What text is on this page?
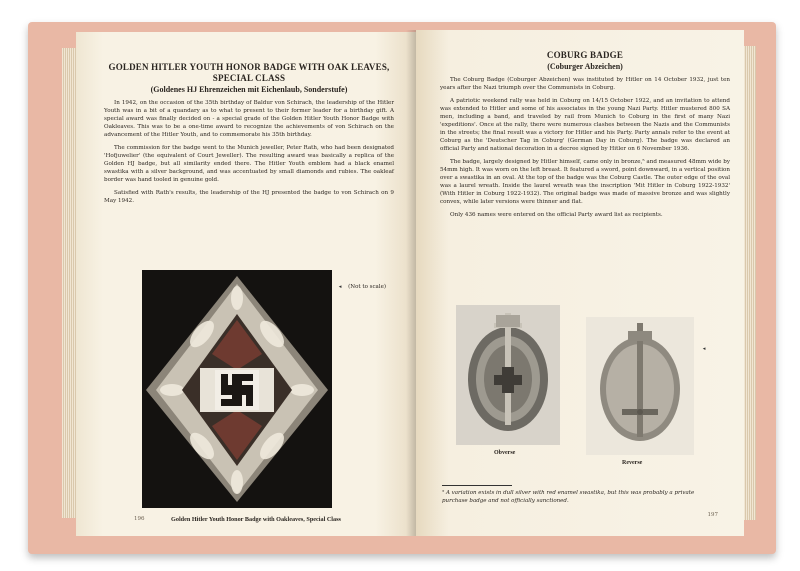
GOLDEN HITLER YOUTH HONOR BADGE WITH OAK LEAVES, SPECIAL CLASS
(Goldenes HJ Ehrenzeichen mit Eichenlaub, Sonderstufe)

In 1942, on the occasion of the 35th birthday of Baldur von Schirach, the leadership of the Hitler Youth was in a bit of a quandary as to what to present to their former leader for a birthday gift. A special award was finally decided on - a special grade of the Golden Hitler Youth Honor Badge with Oakleaves. This was to be a one-time award to recognize the achievements of von Schirach on the advancement of the Hitler Youth, and to commemorate his 35th birthday.

The commission for the badge went to the Munich jeweller, Peter Rath, who had been designated 'Hofjuwelier' (the equivalent of Court Jeweller). The resulting award was basically a replica of the Golden HJ badge, but all similarity ended there. The Hitler Youth emblem had a black enamel swastika with a silver background, and was accentuated by small diamonds and rubies. The oakleaf border was hand tooled in genuine gold.

Satisfied with Rath's results, the leadership of the HJ presented the badge to von Schirach on 9 May 1942.

▲ (Not to scale)
Golden Hitler Youth Honor Badge with Oakleaves, Special Class
196
COBURG BADGE
(Coburger Abzeichen)

The Coburg Badge (Coburger Abzeichen) was instituted by Hitler on 14 October 1932, just ten years after the Nazi triumph over the Communists in Coburg.

A patriotic weekend rally was held in Coburg on 14/15 October 1922, and an invitation to attend was extended to Hitler and some of his associates in the young Nazi Party. Hitler mustered 800 SA men, including a band, and traveled by rail from Munich to Coburg in the first of many Nazi 'expeditions'. Once at the rally, there were numerous clashes between the Nazis and the Communists in the streets; the final result was a victory for Hitler and his Party. Party annals refer to the event at Coburg as the 'Deutscher Tag in Coburg' (German Day in Coburg). The badge was declared an official Party and national decoration in a decree signed by Hitler on 6 November 1936.

The badge, largely designed by Hitler himself, came only in bronze,⁵ and measured 48mm wide by 54mm high. It was worn on the left breast. It featured a sword, point downward, in a vertical position over a swastika in an oval. At the top of the badge was the Coburg Castle. The outer edge of the oval was a laurel wreath. Inside the laurel wreath was the inscription 'Mit Hitler in Coburg 1922-1932' (With Hitler in Coburg 1922-1932). The original badge was made of massive bronze and was slightly convex, while later versions were thinner and flat.

Only 436 names were entered on the official Party award list as recipients.

Obverse
▲
Reverse
⁵ A variation exists in dull silver with red enamel swastika, but this was probably a private purchase badge and not officially sanctioned.
197
